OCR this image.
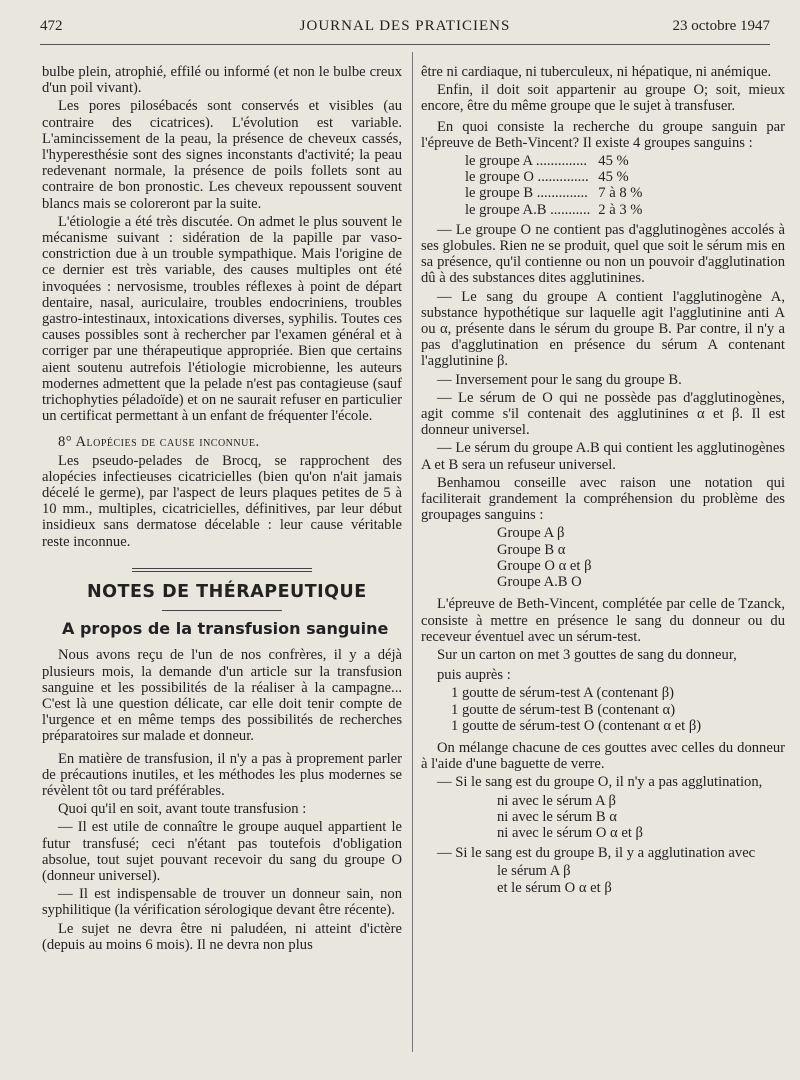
472	JOURNAL DES PRATICIENS	23 octobre 1947

bulbe plein, atrophié, effilé ou informé (et non le bulbe creux d'un poil vivant).

Les pores pilosébacés sont conservés et visibles (au contraire des cicatrices). L'évolution est variable. L'amincissement de la peau, la présence de cheveux cassés, l'hyperesthésie sont des signes inconstants d'activité; la peau redevenant normale, la présence de poils follets sont au contraire de bon pronostic. Les cheveux repoussent souvent blancs mais se coloreront par la suite.

L'étiologie a été très discutée. On admet le plus souvent le mécanisme suivant : sidération de la papille par vaso-constriction due à un trouble sympathique. Mais l'origine de ce dernier est très variable, des causes multiples ont été invoquées : nervosisme, troubles réflexes à point de départ dentaire, nasal, auriculaire, troubles endocriniens, troubles gastro-intestinaux, intoxications diverses, syphilis. Toutes ces causes possibles sont à rechercher par l'examen général et à corriger par une thérapeutique appropriée. Bien que certains aient soutenu autrefois l'étiologie microbienne, les auteurs modernes admettent que la pelade n'est pas contagieuse (sauf trichophyties péladoïde) et on ne saurait refuser en particulier un certificat permettant à un enfant de fréquenter l'école.

8° Alopécies de cause inconnue.

Les pseudo-pelades de Brocq, se rapprochent des alopécies infectieuses cicatricielles (bien qu'on n'ait jamais décelé le germe), par l'aspect de leurs plaques petites de 5 à 10 mm., multiples, cicatricielles, définitives, par leur début insidieux sans dermatose décelable : leur cause véritable reste inconnue.

NOTES DE THÉRAPEUTIQUE
A propos de la transfusion sanguine

Nous avons reçu de l'un de nos confrères, il y a déjà plusieurs mois, la demande d'un article sur la transfusion sanguine et les possibilités de la réaliser à la campagne... C'est là une question délicate, car elle doit tenir compte de l'urgence et en même temps des possibilités de recherches préparatoires sur malade et donneur.

En matière de transfusion, il n'y a pas à proprement parler de précautions inutiles, et les méthodes les plus modernes se révèlent tôt ou tard préférables.

Quoi qu'il en soit, avant toute transfusion :

— Il est utile de connaître le groupe auquel appartient le futur transfusé; ceci n'étant pas toutefois d'obligation absolue, tout sujet pouvant recevoir du sang du groupe O (donneur universel).

— Il est indispensable de trouver un donneur sain, non syphilitique (la vérification sérologique devant être récente).

Le sujet ne devra être ni paludéen, ni atteint d'ictère (depuis au moins 6 mois). Il ne devra non plus

être ni cardiaque, ni tuberculeux, ni hépatique, ni anémique.

Enfin, il doit soit appartenir au groupe O; soit, mieux encore, être du même groupe que le sujet à transfuser.

En quoi consiste la recherche du groupe sanguin par l'épreuve de Beth-Vincent? Il existe 4 groupes sanguins :

le groupe A ..............	45 %
le groupe O ..............	45 %
le groupe B ..............	7 à 8 %
le groupe A.B ...........	2 à 3 %

— Le groupe O ne contient pas d'agglutinogènes accolés à ses globules. Rien ne se produit, quel que soit le sérum mis en sa présence, qu'il contienne ou non un pouvoir d'agglutination dû à des substances dites agglutinines.

— Le sang du groupe A contient l'agglutinogène A, substance hypothétique sur laquelle agit l'agglutinine anti A ou α, présente dans le sérum du groupe B. Par contre, il n'y a pas d'agglutination en présence du sérum A contenant l'agglutinine β.

— Inversement pour le sang du groupe B.

— Le sérum de O qui ne possède pas d'agglutinogènes, agit comme s'il contenait des agglutinines α et β. Il est donneur universel.

— Le sérum du groupe A.B qui contient les agglutinogènes A et B sera un refuseur universel.

Benhamou conseille avec raison une notation qui faciliterait grandement la compréhension du problème des groupages sanguins :

Groupe A β
Groupe B α
Groupe O α et β
Groupe A.B O

L'épreuve de Beth-Vincent, complétée par celle de Tzanck, consiste à mettre en présence le sang du donneur ou du receveur éventuel avec un sérum-test.

Sur un carton on met 3 gouttes de sang du donneur,

puis auprès :

1 goutte de sérum-test A (contenant β)
1 goutte de sérum-test B (contenant α)
1 goutte de sérum-test O (contenant α et β)

On mélange chacune de ces gouttes avec celles du donneur à l'aide d'une baguette de verre.

— Si le sang est du groupe O, il n'y a pas agglutination,

ni avec le sérum A β
ni avec le sérum B α
ni avec le sérum O α et β

— Si le sang est du groupe B, il y a agglutination avec

le sérum A β
et le sérum O α et β
